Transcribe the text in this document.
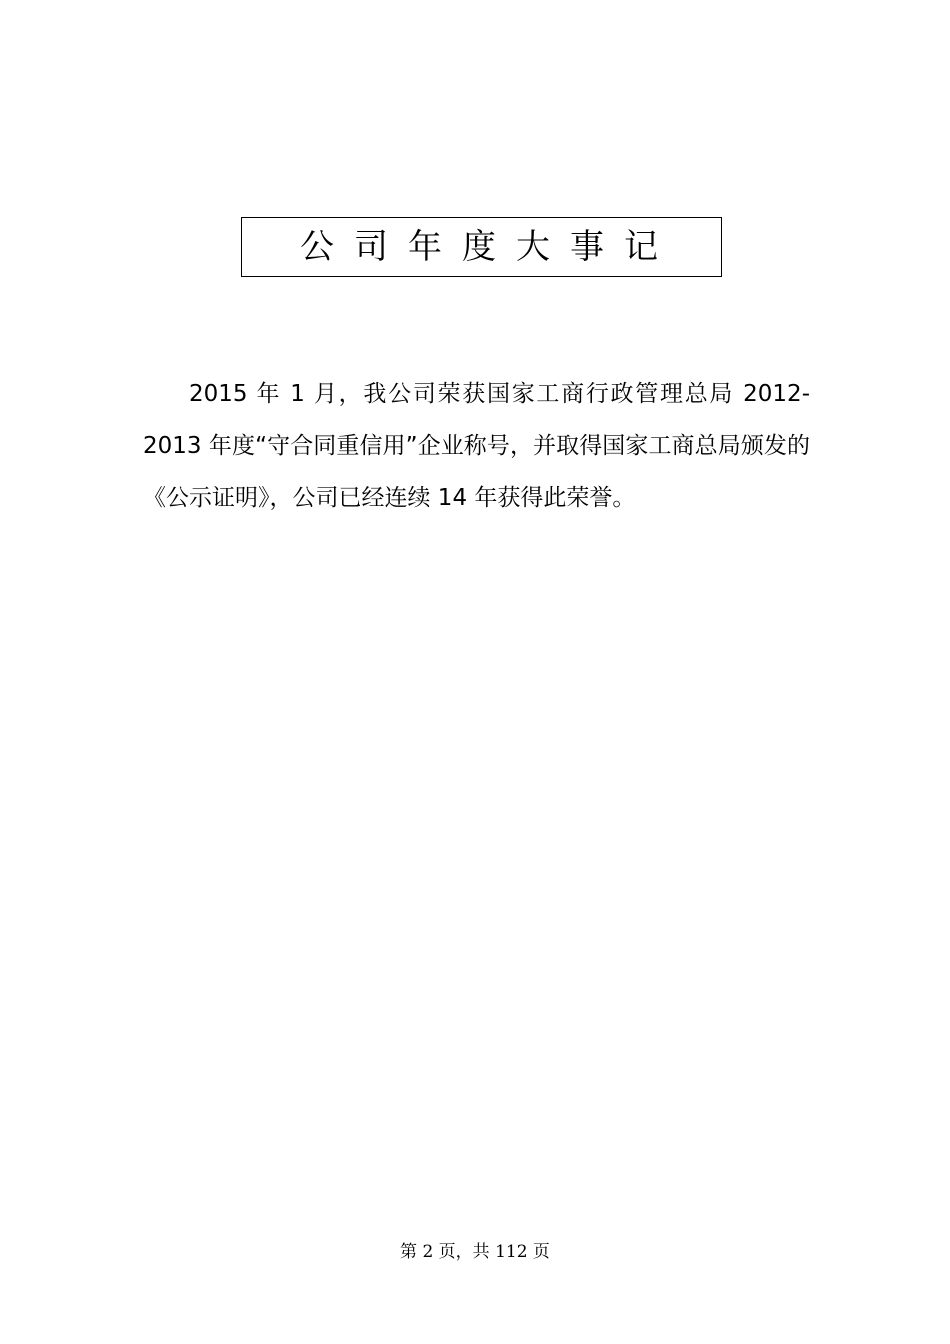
公司年度大事记

2015 年 1 月，我公司荣获国家工商行政管理总局 2012-2013 年度“守合同重信用”企业称号，并取得国家工商总局颁发的《公示证明》，公司已经连续 14 年获得此荣誉。

第 2 页，共 112 页
